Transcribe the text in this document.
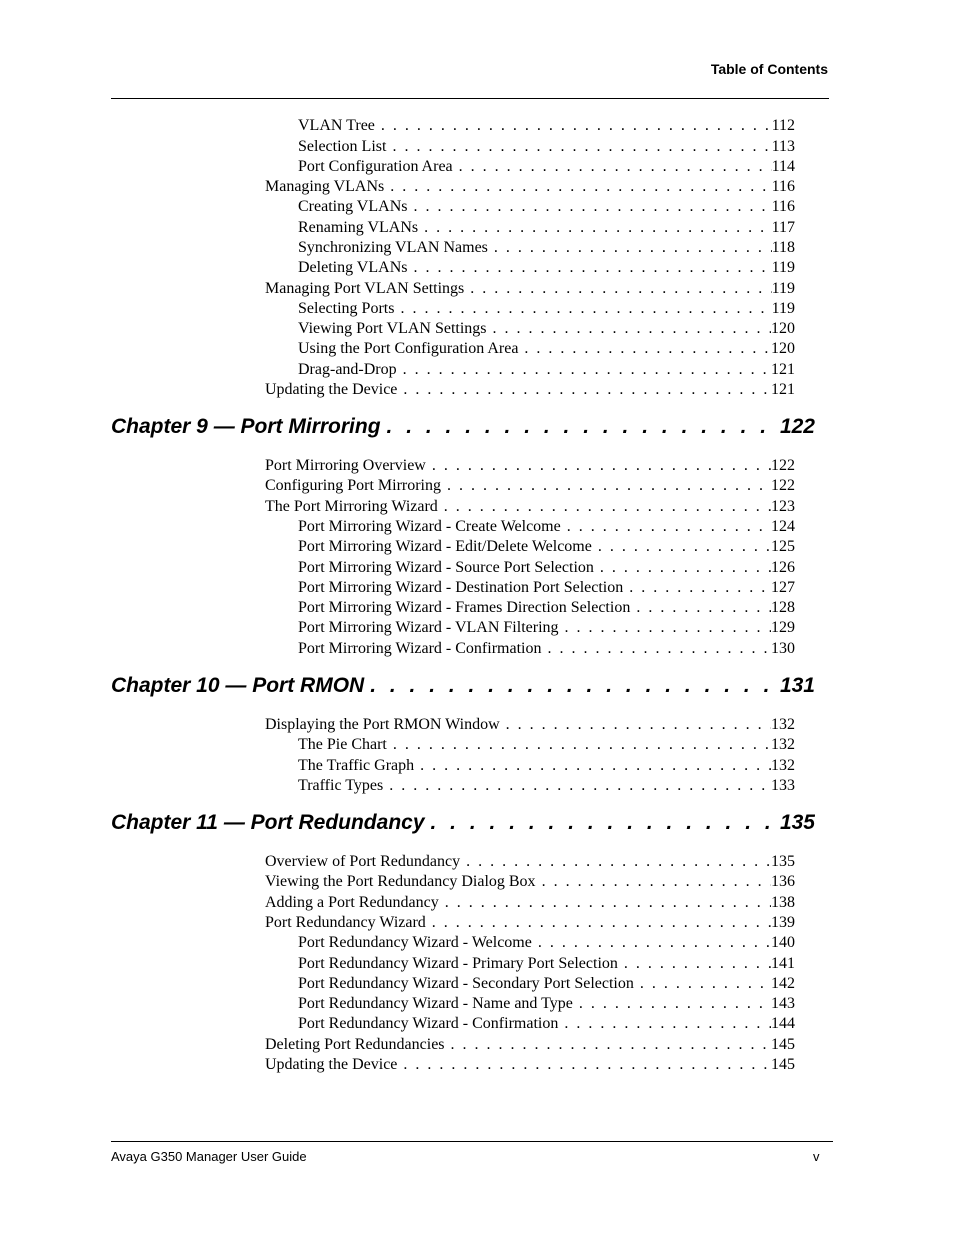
Table of Contents
VLAN Tree . . .	112
Selection List . . .	113
Port Configuration Area . . .	114
Managing VLANs . . .	116
Creating VLANs . . .	116
Renaming VLANs . . .	117
Synchronizing VLAN Names . . .	118
Deleting VLANs . . .	119
Managing Port VLAN Settings . . .	119
Selecting Ports . . .	119
Viewing Port VLAN Settings . . .	120
Using the Port Configuration Area . . .	120
Drag-and-Drop . . .	121
Updating the Device . . .	121
Chapter 9 — Port Mirroring . . .	122
Port Mirroring Overview . . .	122
Configuring Port Mirroring . . .	122
The Port Mirroring Wizard . . .	123
Port Mirroring Wizard - Create Welcome . . .	124
Port Mirroring Wizard - Edit/Delete Welcome . . .	125
Port Mirroring Wizard - Source Port Selection . . .	126
Port Mirroring Wizard - Destination Port Selection . . .	127
Port Mirroring Wizard - Frames Direction Selection . . .	128
Port Mirroring Wizard - VLAN Filtering . . .	129
Port Mirroring Wizard - Confirmation . . .	130
Chapter 10 — Port RMON . . .	131
Displaying the Port RMON Window . . .	132
The Pie Chart . . .	132
The Traffic Graph . . .	132
Traffic Types . . .	133
Chapter 11 — Port Redundancy . . .	135
Overview of Port Redundancy . . .	135
Viewing the Port Redundancy Dialog Box . . .	136
Adding a Port Redundancy . . .	138
Port Redundancy Wizard . . .	139
Port Redundancy Wizard - Welcome . . .	140
Port Redundancy Wizard - Primary Port Selection . . .	141
Port Redundancy Wizard - Secondary Port Selection . . .	142
Port Redundancy Wizard - Name and Type . . .	143
Port Redundancy Wizard - Confirmation . . .	144
Deleting Port Redundancies . . .	145
Updating the Device . . .	145
Avaya G350 Manager User Guide	v
